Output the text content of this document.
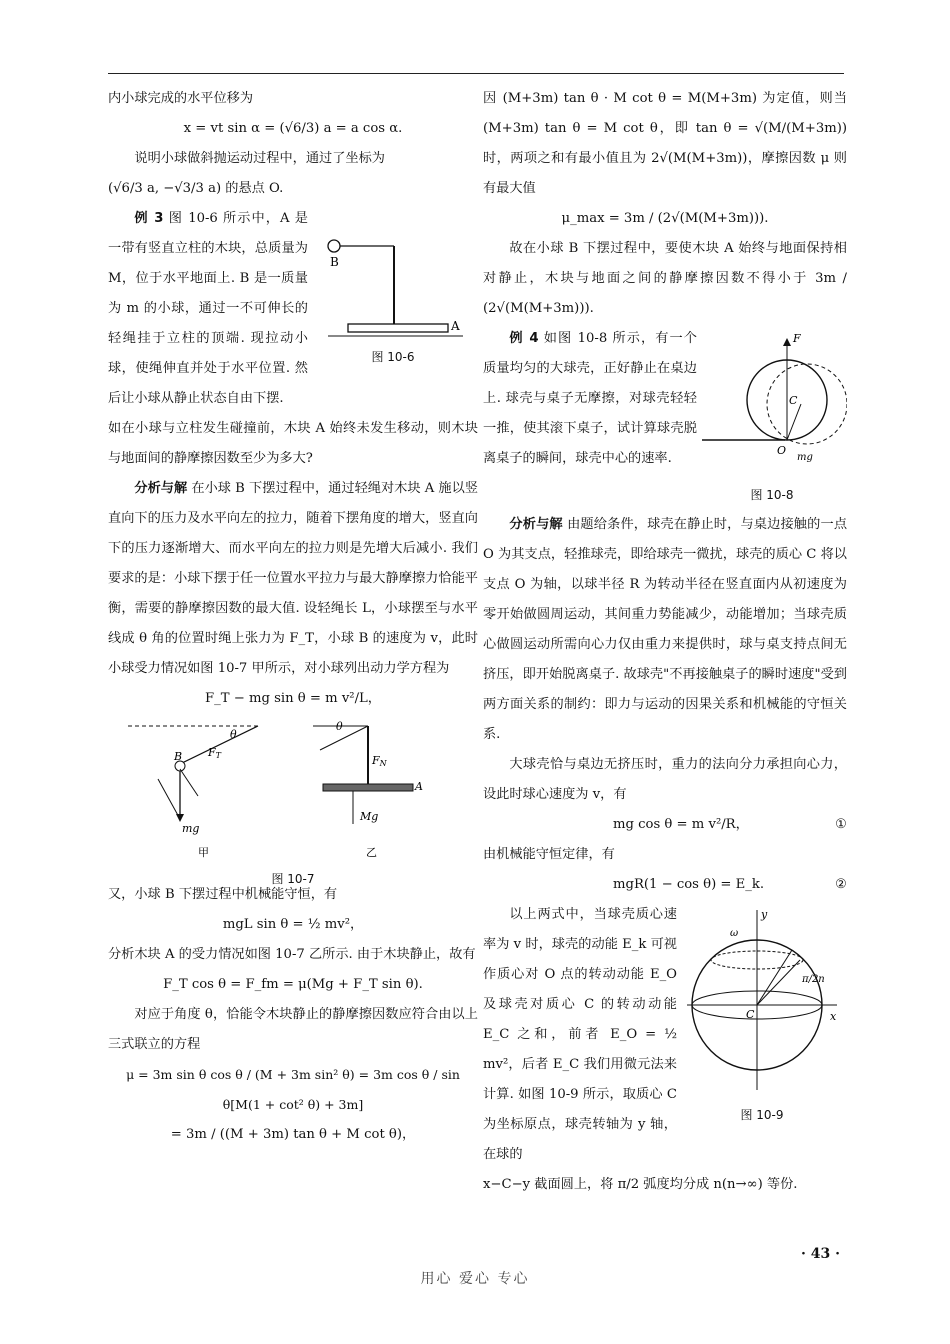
内小球完成的水平位移为

x = vt sin α = (√6/3) a = a cos α.

说明小球做斜抛运动过程中，通过了坐标为

(√6/3 a, −√3/3 a) 的悬点 O.

例 3 图 10-6 所示中，A 是一带有竖直立柱的木块，总质量为 M，位于水平地面上. B 是一质量为 m 的小球，通过一不可伸长的轻绳挂于立柱的顶端. 现拉动小球，使绳伸直并处于水平位置. 然后让小球从静止状态自由下摆.

B
A
图 10-6

如在小球与立柱发生碰撞前，木块 A 始终未发生移动，则木块与地面间的静摩擦因数至少为多大?

分析与解 在小球 B 下摆过程中，通过轻绳对木块 A 施以竖直向下的压力及水平向左的拉力，随着下摆角度的增大，竖直向下的压力逐渐增大、而水平向左的拉力则是先增大后减小. 我们要求的是：小球下摆于任一位置水平拉力与最大静摩擦力恰能平衡，需要的静摩擦因数的最大值. 设轻绳长 L，小球摆至与水平线成 θ 角的位置时绳上张力为 F_T，小球 B 的速度为 v，此时小球受力情况如图 10-7 甲所示，对小球列出动力学方程为

F_T − mg sin θ = m v²/L，

θ
FT
B
mg
甲
θ
FN
A
Mg
乙
图 10-7

又，小球 B 下摆过程中机械能守恒，有

mgL sin θ = ½ mv²，

分析木块 A 的受力情况如图 10-7 乙所示. 由于木块静止，故有

F_T cos θ = F_fm = μ(Mg + F_T sin θ).

对应于角度 θ，恰能令木块静止的静摩擦因数应符合由以上三式联立的方程

μ = 3m sin θ cos θ / (M + 3m sin² θ) = 3m cos θ / sin θ[M(1 + cot² θ) + 3m]

= 3m / ((M + 3m) tan θ + M cot θ)，

因 (M+3m) tan θ · M cot θ = M(M+3m) 为定值，则当 (M+3m) tan θ = M cot θ，即 tan θ = √(M/(M+3m)) 时，两项之和有最小值且为 2√(M(M+3m))，摩擦因数 μ 则有最大值

μ_max = 3m / (2√(M(M+3m))).

故在小球 B 下摆过程中，要使木块 A 始终与地面保持相对静止，木块与地面之间的静摩擦因数不得小于 3m / (2√(M(M+3m))).

例 4 如图 10-8 所示，有一个质量均匀的大球壳，正好静止在桌边上. 球壳与桌子无摩擦，对球壳轻轻一推，使其滚下桌子，试计算球壳脱离桌子的瞬间，球壳中心的速率.

F
C
O
mg
图 10-8

分析与解 由题给条件，球壳在静止时，与桌边接触的一点 O 为其支点，轻推球壳，即给球壳一微扰，球壳的质心 C 将以支点 O 为轴，以球半径 R 为转动半径在竖直面内从初速度为零开始做圆周运动，其间重力势能减少，动能增加；当球壳质心做圆运动所需向心力仅由重力来提供时，球与桌支持点间无挤压，即开始脱离桌子. 故球壳"不再接触桌子的瞬时速度"受到两方面关系的制约：即力与运动的因果关系和机械能的守恒关系.

大球壳恰与桌边无挤压时，重力的法向分力承担向心力，设此时球心速度为 v，有

mg cos θ = m v²/R，	①

由机械能守恒定律，有

mgR(1 − cos θ) = E_k.	②

以上两式中，当球壳质心速率为 v 时，球壳的动能 E_k 可视作质心对 O 点的转动动能 E_O 及球壳对质心 C 的转动动能 E_C 之和，前者 E_O = ½ mv²，后者 E_C 我们用微元法来计算. 如图 10-9 所示，取质心 C 为坐标原点，球壳转轴为 y 轴，在球的

y
x
C
ω
π/2n
图 10-9

x−C−y 截面圆上，将 π/2 弧度均分成 n(n→∞) 等份.

· 43 ·
用心 爱心 专心
